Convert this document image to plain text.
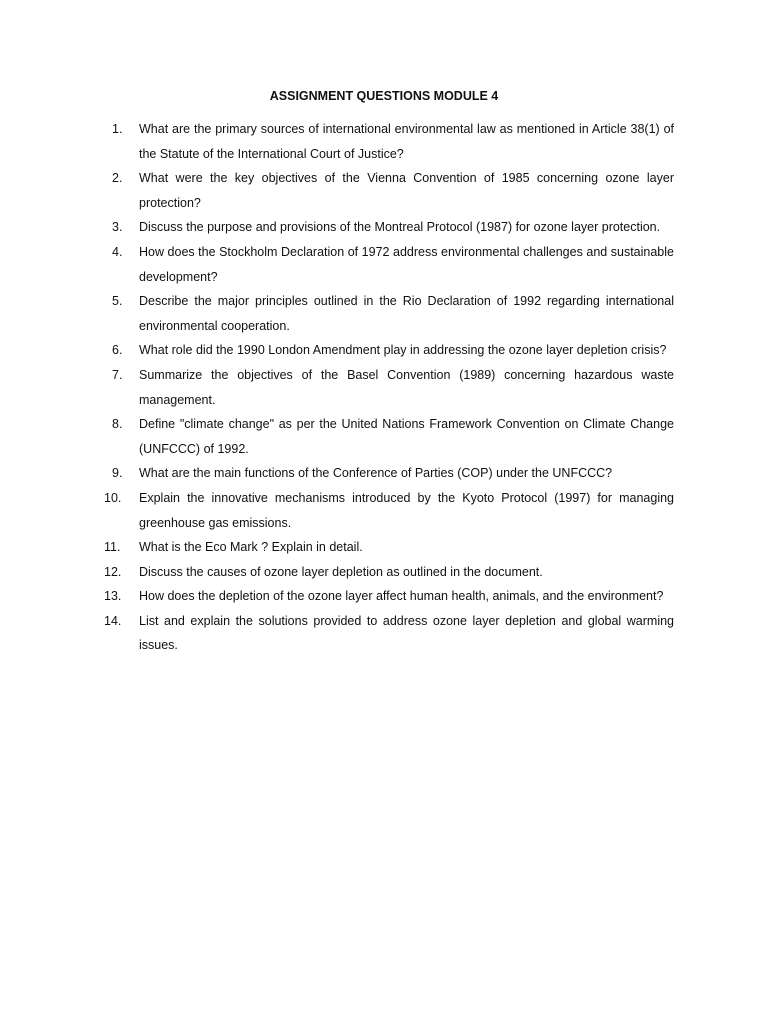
ASSIGNMENT QUESTIONS MODULE 4
1.	What are the primary sources of international environmental law as mentioned in Article 38(1) of the Statute of the International Court of Justice?
2.	What were the key objectives of the Vienna Convention of 1985 concerning ozone layer protection?
3.	Discuss the purpose and provisions of the Montreal Protocol (1987) for ozone layer protection.
4.	How does the Stockholm Declaration of 1972 address environmental challenges and sustainable development?
5.	Describe the major principles outlined in the Rio Declaration of 1992 regarding international environmental cooperation.
6.	What role did the 1990 London Amendment play in addressing the ozone layer depletion crisis?
7.	Summarize the objectives of the Basel Convention (1989) concerning hazardous waste management.
8.	Define "climate change" as per the United Nations Framework Convention on Climate Change (UNFCCC) of 1992.
9.	What are the main functions of the Conference of Parties (COP) under the UNFCCC?
10.	Explain the innovative mechanisms introduced by the Kyoto Protocol (1997) for managing greenhouse gas emissions.
11.	What is the Eco Mark ? Explain in detail.
12.	Discuss the causes of ozone layer depletion as outlined in the document.
13.	How does the depletion of the ozone layer affect human health, animals, and the environment?
14.	List and explain the solutions provided to address ozone layer depletion and global warming issues.
